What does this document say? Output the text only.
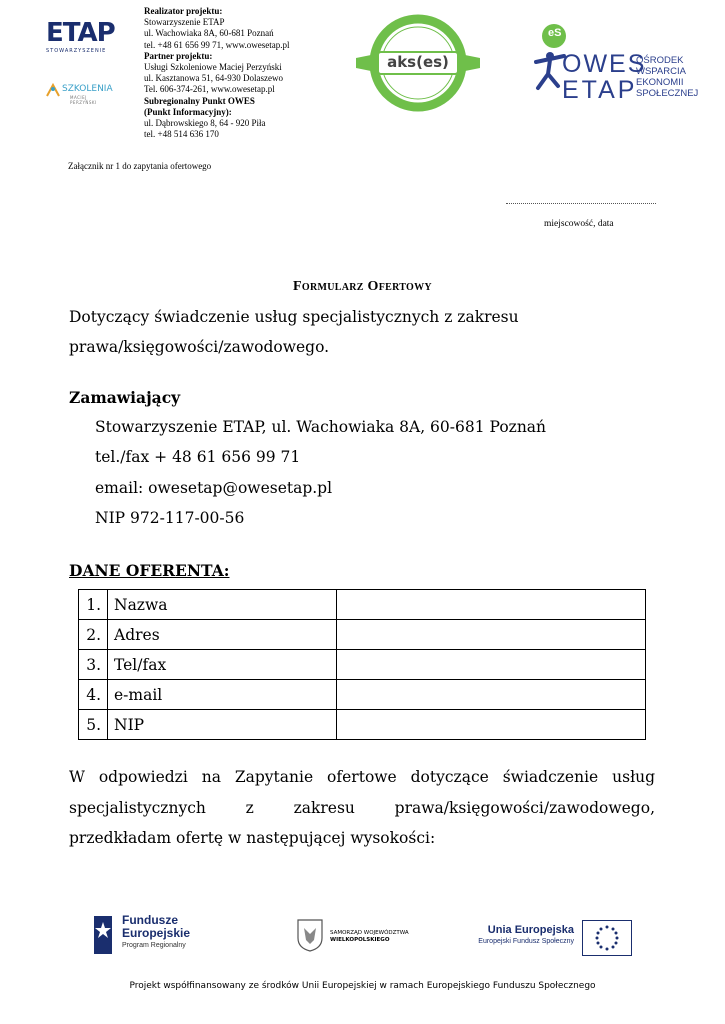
ETAP
STOWARZYSZENIE
SZKOLENIA
MACIEJ PERZYŃSKI
Realizator projektu:
Stowarzyszenie ETAP
ul. Wachowiaka 8A, 60-681 Poznań
tel. +48 61 656 99 71, www.owesetap.pl
Partner projektu:
Usługi Szkoleniowe Maciej Perzyński
ul. Kasztanowa 51, 64-930 Dolaszewo
Tel. 606-374-261, www.owesetap.pl
Subregionalny Punkt OWES
(Punkt Informacyjny):
ul. Dąbrowskiego 8, 64 - 920 Piła
tel. +48 514 636 170
aks(es)
eS
OWES
ETAP
OŚRODEK
WSPARCIA
EKONOMII
SPOŁECZNEJ
Załącznik nr 1 do zapytania ofertowego
miejscowość, data
Formularz Ofertowy
Dotyczący świadczenie usług specjalistycznych z zakresu
prawa/księgowości/zawodowego.
Zamawiający
Stowarzyszenie ETAP, ul. Wachowiaka 8A, 60-681 Poznań
tel./fax + 48 61 656 99 71
email: owesetap@owesetap.pl
NIP 972-117-00-56
DANE OFERENTA:
1.	Nazwa	
2.	Adres	
3.	Tel/fax	
4.	e-mail	
5.	NIP	
W odpowiedzi na Zapytanie ofertowe dotyczące świadczenie usług specjalistycznych z zakresu prawa/księgowości/zawodowego, przedkładam ofertę w następującej wysokości:
Fundusze
Europejskie
Program Regionalny
SAMORZĄD WOJEWÓDZTWA
WIELKOPOLSKIEGO
Unia Europejska
Europejski Fundusz Społeczny
Projekt współfinansowany ze środków Unii Europejskiej w ramach Europejskiego Funduszu Społecznego
